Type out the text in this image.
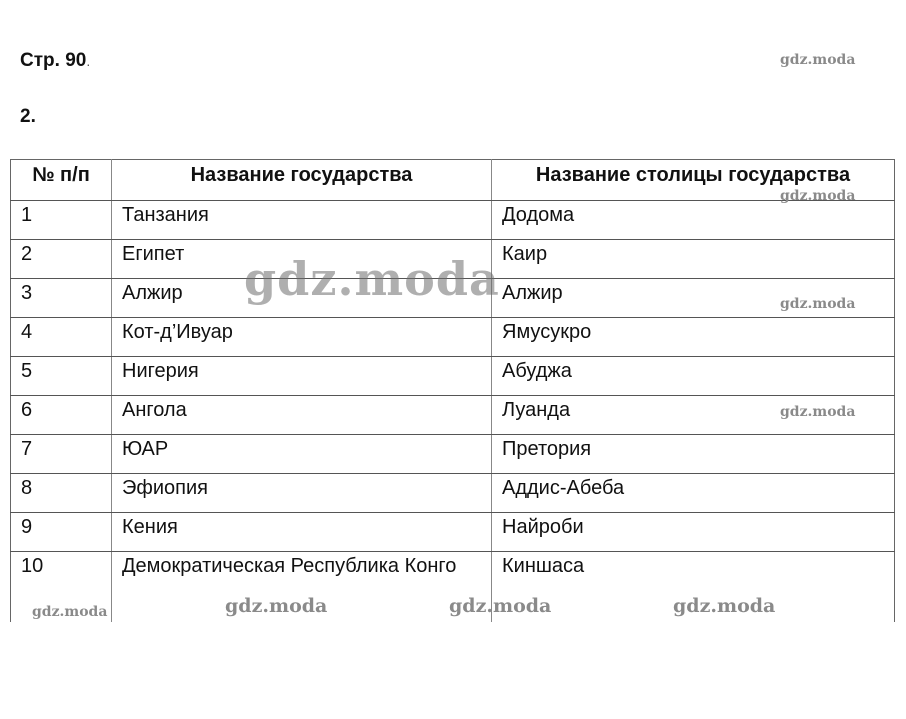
Стр. 90.
2.
№ п/п	Название государства	Название столицы государства
1	Танзания	Додома
2	Египет	Каир
3	Алжир	Алжир
4	Кот-д’Ивуар	Ямусукро
5	Нигерия	Абуджа
6	Ангола	Луанда
7	ЮАР	Претория
8	Эфиопия	Аддис-Абеба
9	Кения	Найроби
10	Демократическая Республика Конго	Киншаса
gdz.moda
gdz.moda
gdz.moda
gdz.moda
gdz.moda	gdz.moda	gdz.moda	gdz.moda
gdz.moda
